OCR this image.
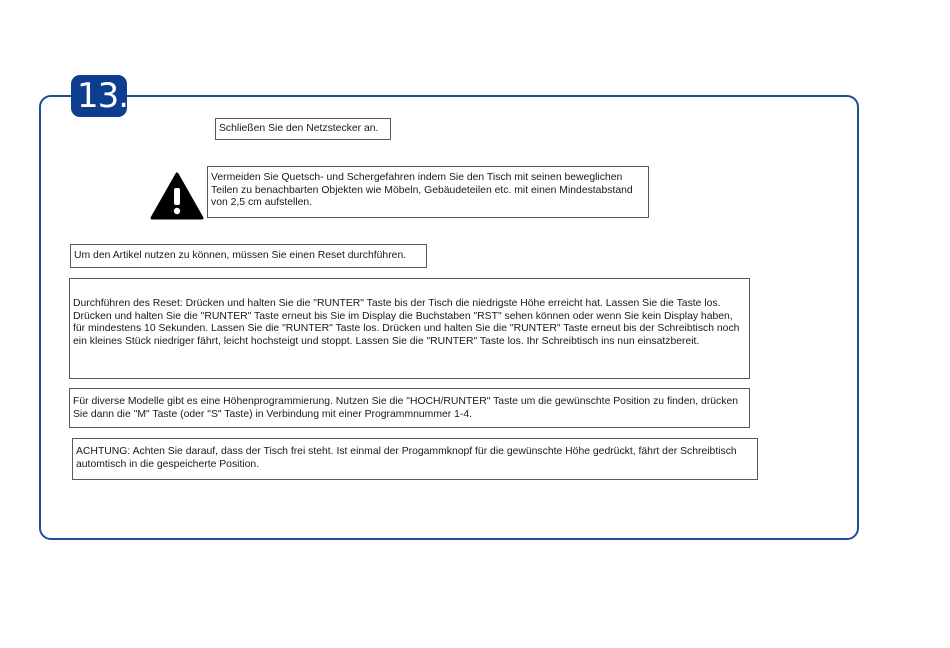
13.
Schließen Sie den Netzstecker an.
Vermeiden Sie Quetsch- und Schergefahren indem Sie den Tisch mit seinen beweglichen Teilen zu benachbarten Objekten wie Möbeln, Gebäudeteilen etc. mit einen Mindestabstand von 2,5 cm aufstellen.
Um den Artikel nutzen zu können, müssen Sie einen Reset durchführen.
Durchführen des Reset: Drücken und halten Sie die "RUNTER" Taste bis der Tisch die niedrigste Höhe erreicht hat. Lassen Sie die Taste los. Drücken und halten Sie die "RUNTER" Taste erneut bis Sie im Display die Buchstaben "RST" sehen können oder wenn Sie kein Display haben, für mindestens 10 Sekunden. Lassen Sie die "RUNTER" Taste los. Drücken und halten Sie die "RUNTER" Taste erneut bis der Schreibtisch noch ein kleines Stück niedriger fährt, leicht hochsteigt und stoppt. Lassen Sie die "RUNTER" Taste los. Ihr Schreibtisch ins nun einsatzbereit.
Für diverse Modelle gibt es eine Höhenprogrammierung. Nutzen Sie die "HOCH/RUNTER" Taste um die gewünschte Position zu finden, drücken Sie dann die "M" Taste (oder "S" Taste) in Verbindung mit einer Programmnummer 1-4.
ACHTUNG: Achten Sie darauf, dass der Tisch frei steht. Ist einmal der Progammknopf für die gewünschte Höhe gedrückt, fährt der Schreibtisch automtisch in die gespeicherte Position.
